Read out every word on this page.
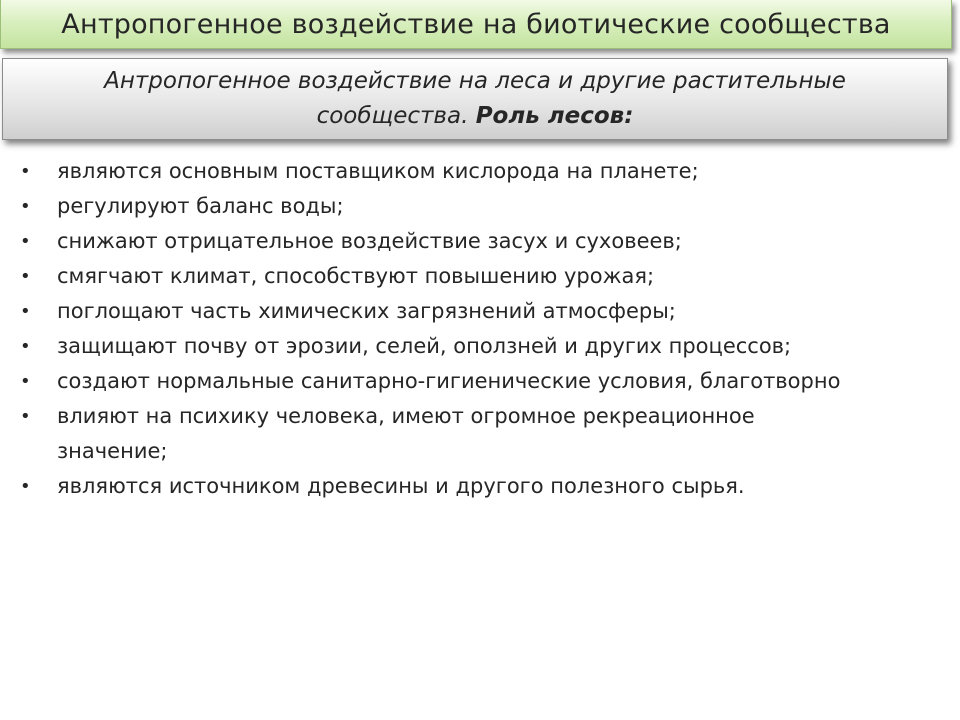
Антропогенное воздействие на биотические сообщества
Антропогенное воздействие на леса и другие растительные
сообщества. Роль лесов:
•	являются основным поставщиком кислорода на планете;
•	регулируют баланс воды;
•	снижают отрицательное воздействие засух и суховеев;
•	смягчают климат, способствуют повышению урожая;
•	поглощают часть химических загрязнений атмосферы;
•	защищают почву от эрозии, селей, оползней и других процессов;
•	создают нормальные санитарно-гигиенические условия, благотворно
•	влияют на психику человека, имеют огромное рекреационное
значение;
•	являются источником древесины и другого полезного сырья.
